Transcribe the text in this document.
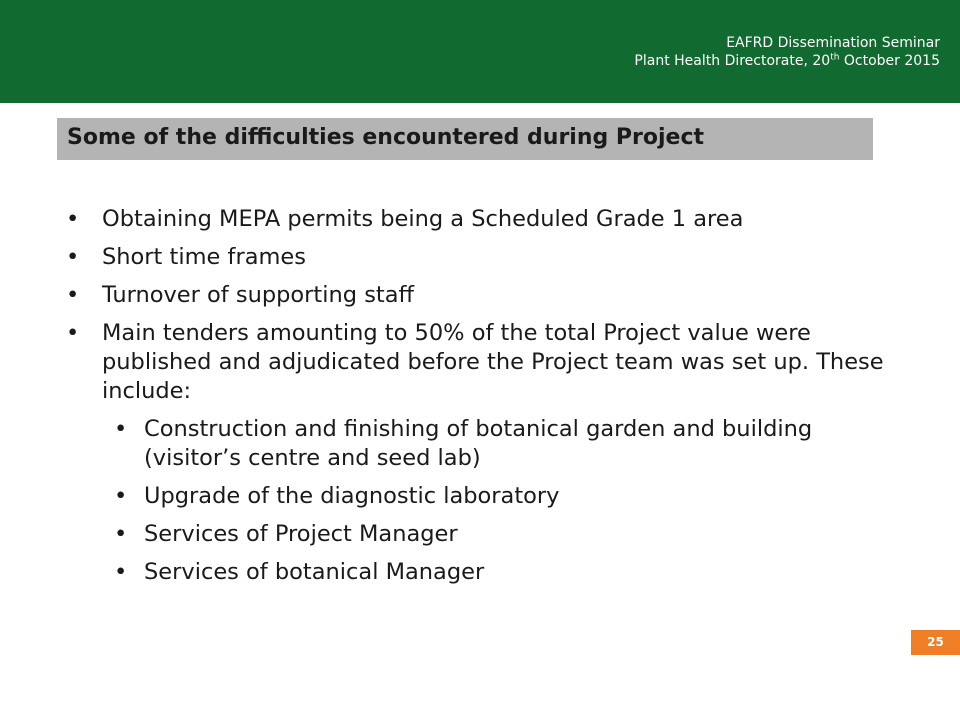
EAFRD Dissemination Seminar
Plant Health Directorate, 20th October 2015
Some of the difficulties encountered during Project
• Obtaining MEPA permits being a Scheduled Grade 1 area
• Short time frames
• Turnover of supporting staff
• Main tenders amounting to 50% of the total Project value were published and adjudicated before the Project team was set up. These include:
• Construction and finishing of botanical garden and building (visitor’s centre and seed lab)
• Upgrade of the diagnostic laboratory
• Services of Project Manager
• Services of botanical Manager
25
